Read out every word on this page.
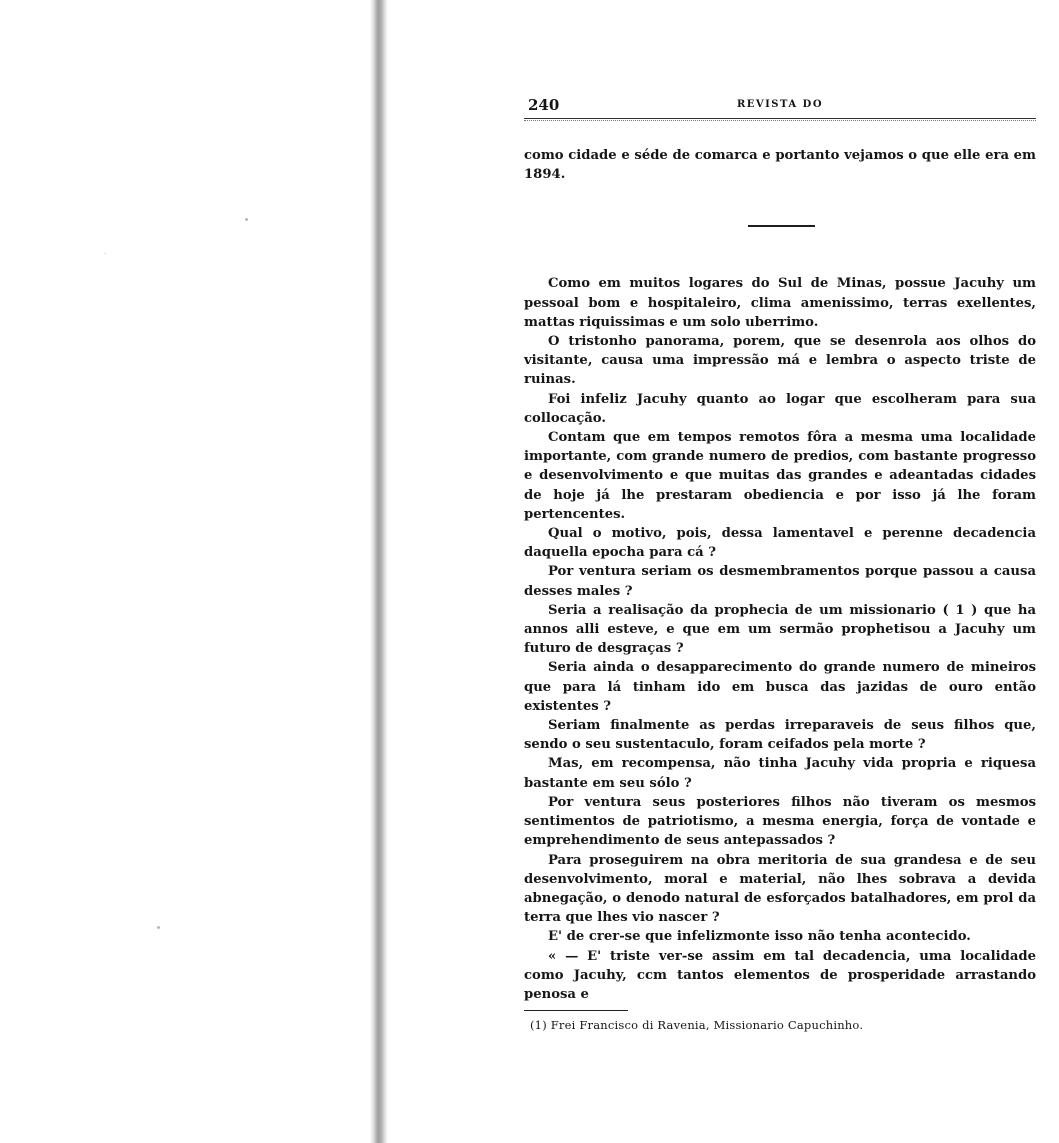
240	REVISTA DO
como cidade e séde de comarca e portanto vejamos o que elle era em 1894.

Como em muitos logares do Sul de Minas, possue Jacuhy um pessoal bom e hospitaleiro, clima amenissimo, terras exellentes, mattas riquissimas e um solo uberrimo.

O tristonho panorama, porem, que se desenrola aos olhos do visitante, causa uma impressão má e lembra o aspecto triste de ruinas.

Foi infeliz Jacuhy quanto ao logar que escolheram para sua collocação.

Contam que em tempos remotos fôra a mesma uma localidade importante, com grande numero de predios, com bastante progresso e desenvolvimento e que muitas das grandes e adeantadas cidades de hoje já lhe prestaram obediencia e por isso já lhe foram pertencentes.

Qual o motivo, pois, dessa lamentavel e perenne decadencia daquella epocha para cá ?

Por ventura seriam os desmembramentos porque passou a causa desses males ?

Seria a realisação da prophecia de um missionario ( 1 ) que ha annos alli esteve, e que em um sermão prophetisou a Jacuhy um futuro de desgraças ?

Seria ainda o desapparecimento do grande numero de mineiros que para lá tinham ido em busca das jazidas de ouro então existentes ?

Seriam finalmente as perdas irreparaveis de seus filhos que, sendo o seu sustentaculo, foram ceifados pela morte ?

Mas, em recompensa, não tinha Jacuhy vida propria e riquesa bastante em seu sólo ?

Por ventura seus posteriores filhos não tiveram os mesmos sentimentos de patriotismo, a mesma energia, força de vontade e emprehendimento de seus antepassados ?

Para proseguirem na obra meritoria de sua grandesa e de seu desenvolvimento, moral e material, não lhes sobrava a devida abnegação, o denodo natural de esforçados batalhadores, em prol da terra que lhes vio nascer ?

E' de crer-se que infelizmonte isso não tenha acontecido.

« — E' triste ver-se assim em tal decadencia, uma localidade como Jacuhy, ccm tantos elementos de prosperidade arrastando penosa e

(1) Frei Francisco di Ravenia, Missionario Capuchinho.
